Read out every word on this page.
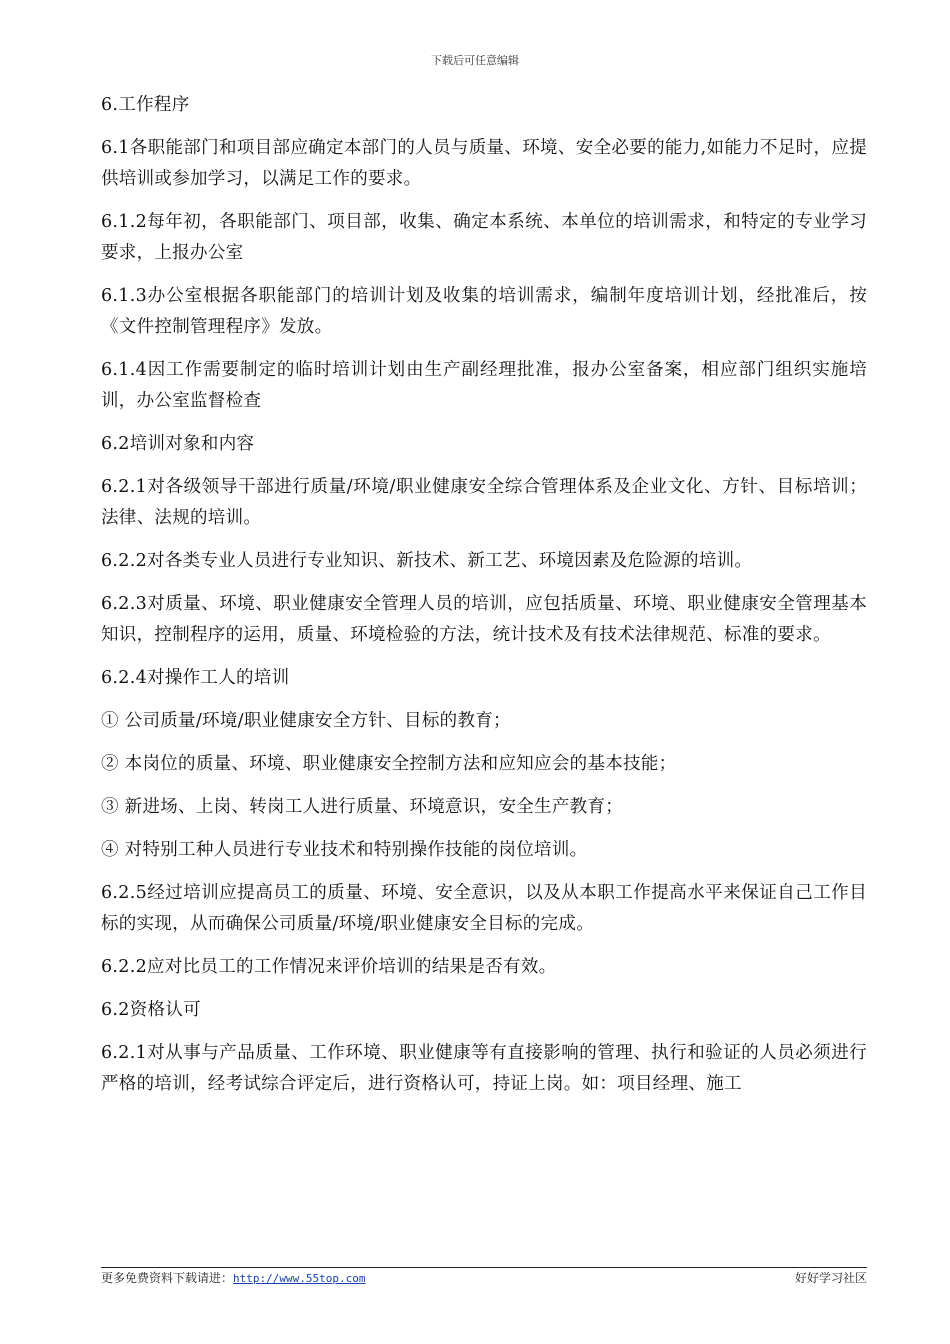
下载后可任意编辑

6.工作程序

6.1各职能部门和项目部应确定本部门的人员与质量、环境、安全必要的能力,如能力不足时，应提供培训或参加学习，以满足工作的要求。

6.1.2每年初，各职能部门、项目部，收集、确定本系统、本单位的培训需求，和特定的专业学习要求，上报办公室

6.1.3办公室根据各职能部门的培训计划及收集的培训需求，编制年度培训计划，经批准后，按《文件控制管理程序》发放。

6.1.4因工作需要制定的临时培训计划由生产副经理批准，报办公室备案，相应部门组织实施培训，办公室监督检查

6.2培训对象和内容

6.2.1对各级领导干部进行质量/环境/职业健康安全综合管理体系及企业文化、方针、目标培训；法律、法规的培训。

6.2.2对各类专业人员进行专业知识、新技术、新工艺、环境因素及危险源的培训。

6.2.3对质量、环境、职业健康安全管理人员的培训，应包括质量、环境、职业健康安全管理基本知识，控制程序的运用，质量、环境检验的方法，统计技术及有技术法律规范、标准的要求。

6.2.4对操作工人的培训

① 公司质量/环境/职业健康安全方针、目标的教育；

② 本岗位的质量、环境、职业健康安全控制方法和应知应会的基本技能；

③ 新进场、上岗、转岗工人进行质量、环境意识，安全生产教育；

④ 对特别工种人员进行专业技术和特别操作技能的岗位培训。

6.2.5经过培训应提高员工的质量、环境、安全意识，以及从本职工作提高水平来保证自己工作目标的实现，从而确保公司质量/环境/职业健康安全目标的完成。

6.2.2应对比员工的工作情况来评价培训的结果是否有效。

6.2资格认可

6.2.1对从事与产品质量、工作环境、职业健康等有直接影响的管理、执行和验证的人员必须进行严格的培训，经考试综合评定后，进行资格认可，持证上岗。如：项目经理、施工

更多免费资料下载请进：http://www.55top.com	好好学习社区
